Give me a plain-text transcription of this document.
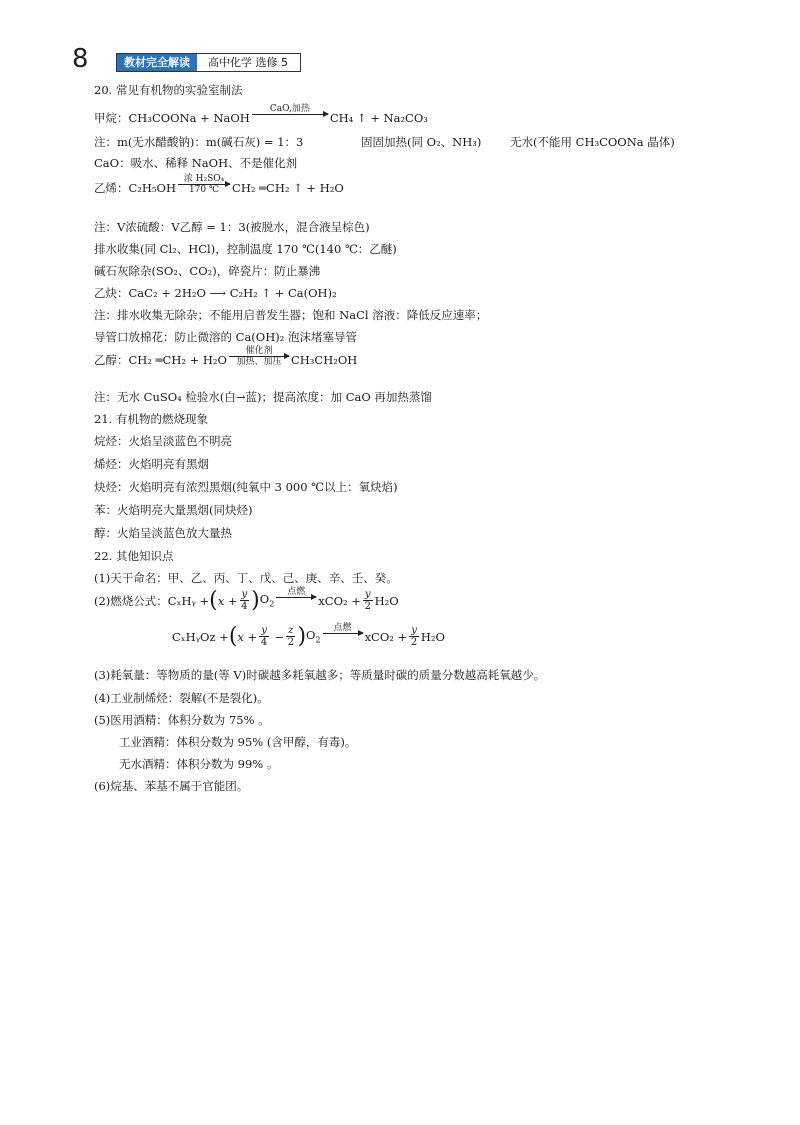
8	教材完全解读	高中化学 选修 5
20. 常见有机物的实验室制法
甲烷：CH₃COONa + NaOH
CaO,加热

CH₄ ↑ + Na₂CO₃
注：m(无水醋酸钠)：m(碱石灰) = 1：3	固固加热(同 O₂、NH₃) 无水(不能用 CH₃COONa 晶体)
CaO：吸水、稀释 NaOH、不是催化剂
乙烯：C₂H₅OH
浓 H₂SO₄
170 ℃ CH₂ ═CH₂ ↑ + H₂O
注：V浓硫酸：V乙醇 = 1：3(被脱水，混合液呈棕色)
排水收集(同 Cl₂、HCl)，控制温度 170 ℃(140 ℃：乙醚)
碱石灰除杂(SO₂、CO₂)，碎瓷片：防止暴沸
乙炔：CaC₂ + 2H₂O ⟶ C₂H₂ ↑ + Ca(OH)₂
注：排水收集无除杂；不能用启普发生器；饱和 NaCl 溶液：降低反应速率；
导管口放棉花：防止微溶的 Ca(OH)₂ 泡沫堵塞导管
乙醇：CH₂ ═CH₂ + H₂O
催化剂
加热、加压 CH₃CH₂OH
注：无水 CuSO₄ 检验水(白→蓝)；提高浓度：加 CaO 再加热蒸馏
21. 有机物的燃烧现象
烷烃：火焰呈淡蓝色不明亮
烯烃：火焰明亮有黑烟
炔烃：火焰明亮有浓烈黑烟(纯氧中 3 000 ℃以上：氧炔焰)
苯：火焰明亮大量黑烟(同炔烃)
醇：火焰呈淡蓝色放大量热
22. 其他知识点
(1)天干命名：甲、乙、丙、丁、戊、己、庚、辛、壬、癸。
(2)燃烧公式： CₓHᵧ + ( $x + \frac{y}{4}$ ) $O_2$
点燃

$xCO_2 + \frac{y}{2} H_2O$
CₓHᵧOz + ( $x + \frac{y}{4} - \frac{z}{2}$ ) $O_2$
点燃

$xCO_2 + \frac{y}{2} H_2O$
(3)耗氧量：等物质的量(等 V)时碳越多耗氧越多；等质量时碳的质量分数越高耗氧越少。
(4)工业制烯烃：裂解(不是裂化)。
(5)医用酒精：体积分数为 75% 。
工业酒精：体积分数为 95% (含甲醇，有毒)。
无水酒精：体积分数为 99% 。
(6)烷基、苯基不属于官能团。
